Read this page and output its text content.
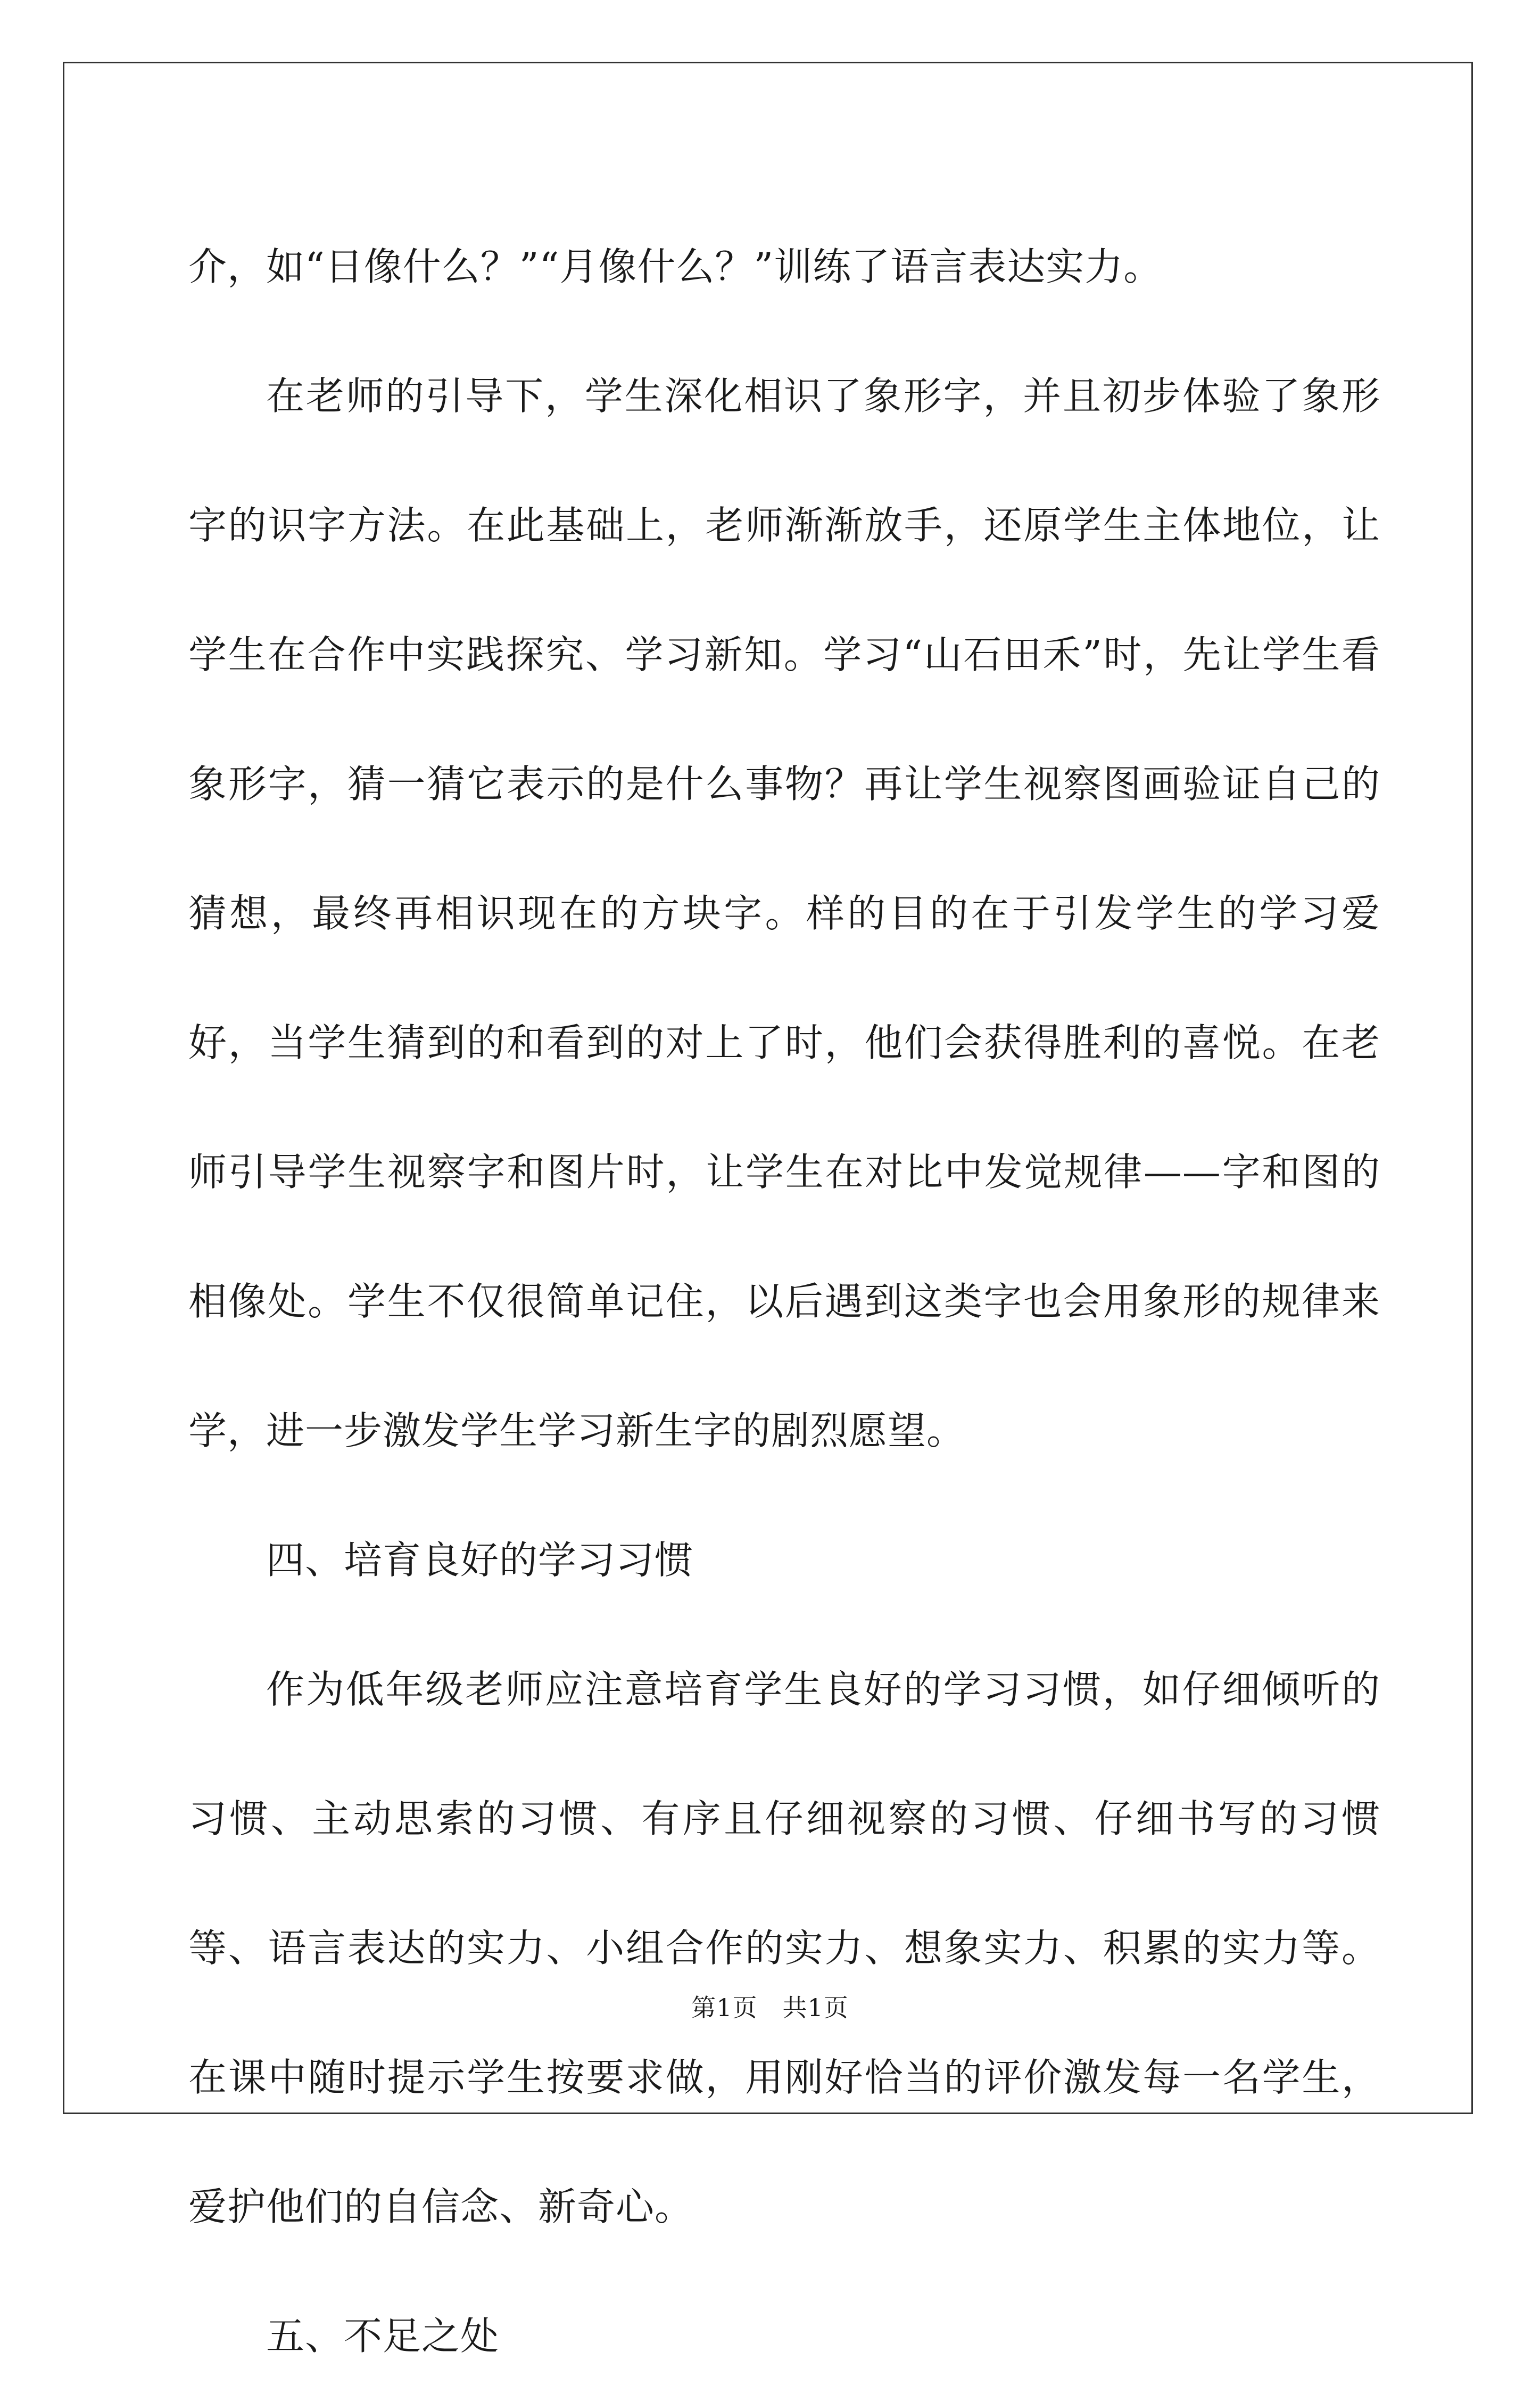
介，如“日像什么？”“月像什么？”训练了语言表达实力。

在老师的引导下，学生深化相识了象形字，并且初步体验了象形字的识字方法。在此基础上，老师渐渐放手，还原学生主体地位，让学生在合作中实践探究、学习新知。学习“山石田禾”时，先让学生看象形字，猜一猜它表示的是什么事物？再让学生视察图画验证自己的猜想，最终再相识现在的方块字。样的目的在于引发学生的学习爱好，当学生猜到的和看到的对上了时，他们会获得胜利的喜悦。在老师引导学生视察字和图片时，让学生在对比中发觉规律——字和图的相像处。学生不仅很简单记住，以后遇到这类字也会用象形的规律来学，进一步激发学生学习新生字的剧烈愿望。

四、培育良好的学习习惯

作为低年级老师应注意培育学生良好的学习习惯，如仔细倾听的习惯、主动思索的习惯、有序且仔细视察的习惯、仔细书写的习惯等、语言表达的实力、小组合作的实力、想象实力、积累的实力等。在课中随时提示学生按要求做，用刚好恰当的评价激发每一名学生，爱护他们的自信念、新奇心。

五、不足之处

第1页　共1页
